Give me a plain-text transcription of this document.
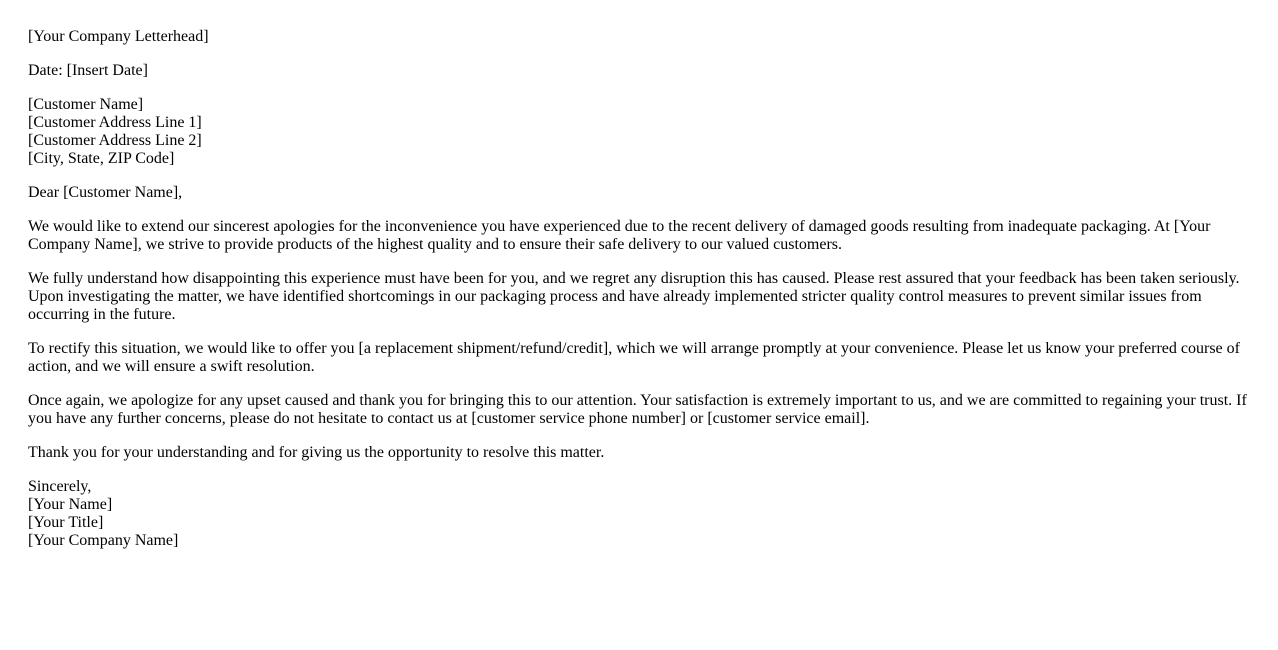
[Your Company Letterhead]
Date: [Insert Date]
[Customer Name]
[Customer Address Line 1]
[Customer Address Line 2]
[City, State, ZIP Code]
Dear [Customer Name],

We would like to extend our sincerest apologies for the inconvenience you have experienced due to the recent delivery of damaged goods resulting from inadequate packaging. At [Your Company Name], we strive to provide products of the highest quality and to ensure their safe delivery to our valued customers.

We fully understand how disappointing this experience must have been for you, and we regret any disruption this has caused. Please rest assured that your feedback has been taken seriously. Upon investigating the matter, we have identified shortcomings in our packaging process and have already implemented stricter quality control measures to prevent similar issues from occurring in the future.

To rectify this situation, we would like to offer you [a replacement shipment/refund/credit], which we will arrange promptly at your convenience. Please let us know your preferred course of action, and we will ensure a swift resolution.

Once again, we apologize for any upset caused and thank you for bringing this to our attention. Your satisfaction is extremely important to us, and we are committed to regaining your trust. If you have any further concerns, please do not hesitate to contact us at [customer service phone number] or [customer service email].

Thank you for your understanding and for giving us the opportunity to resolve this matter.

Sincerely,
[Your Name]
[Your Title]
[Your Company Name]
